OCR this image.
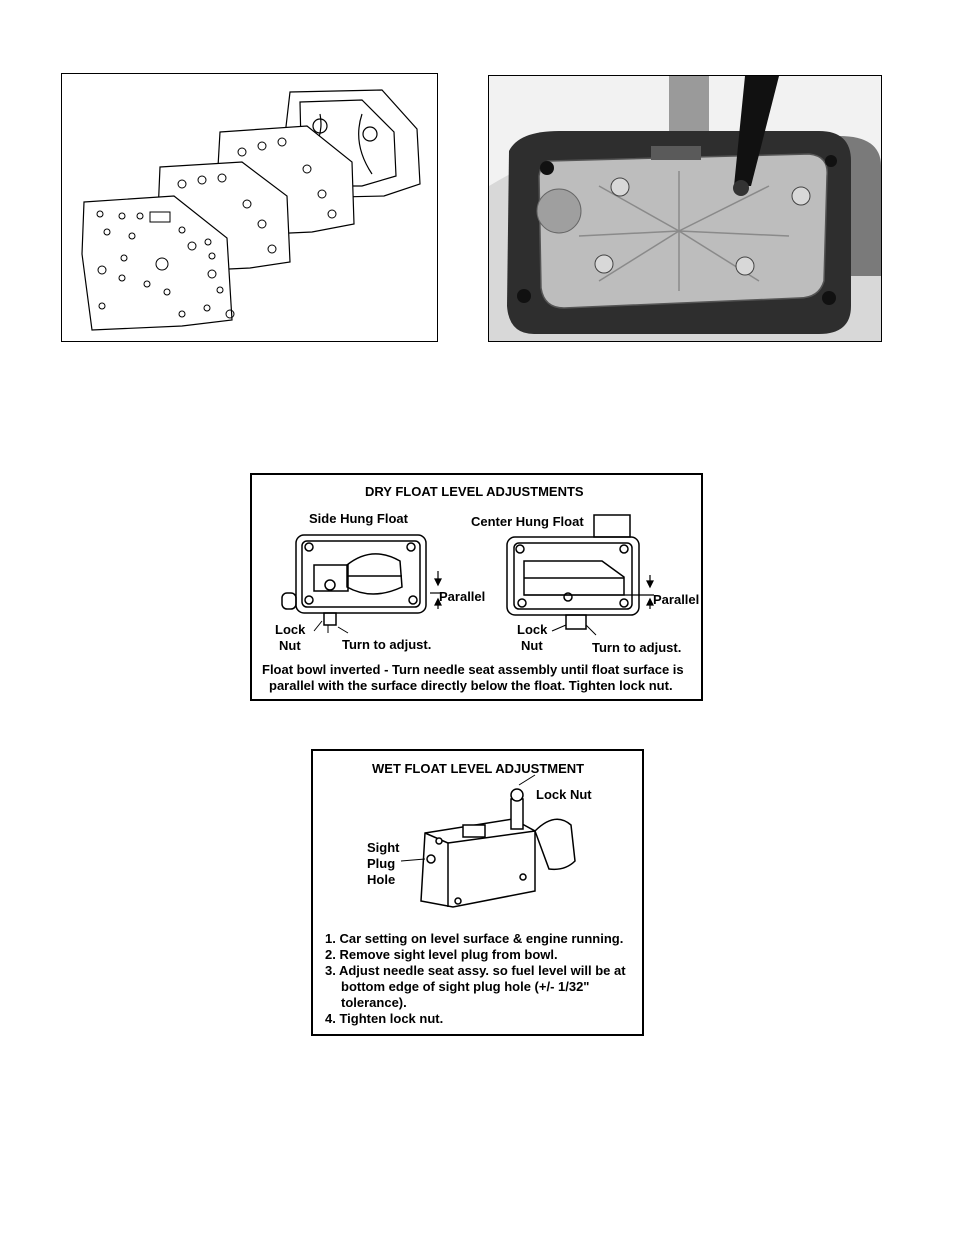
DRY FLOAT LEVEL ADJUSTMENTS
Side Hung Float	Center Hung Float
Parallel	Parallel
Lock
Nut	Turn to adjust.
Lock
Nut	Turn to adjust.
Float bowl inverted - Turn needle seat assembly until float surface is
parallel with the surface directly below the float. Tighten lock nut.
WET FLOAT LEVEL ADJUSTMENT
Lock Nut
Sight
Plug
Hole
1. Car setting on level surface & engine running.
2. Remove sight level plug from bowl.
3. Adjust needle seat assy. so fuel level will be at bottom edge of sight plug hole (+/- 1/32" tolerance).
4. Tighten lock nut.
